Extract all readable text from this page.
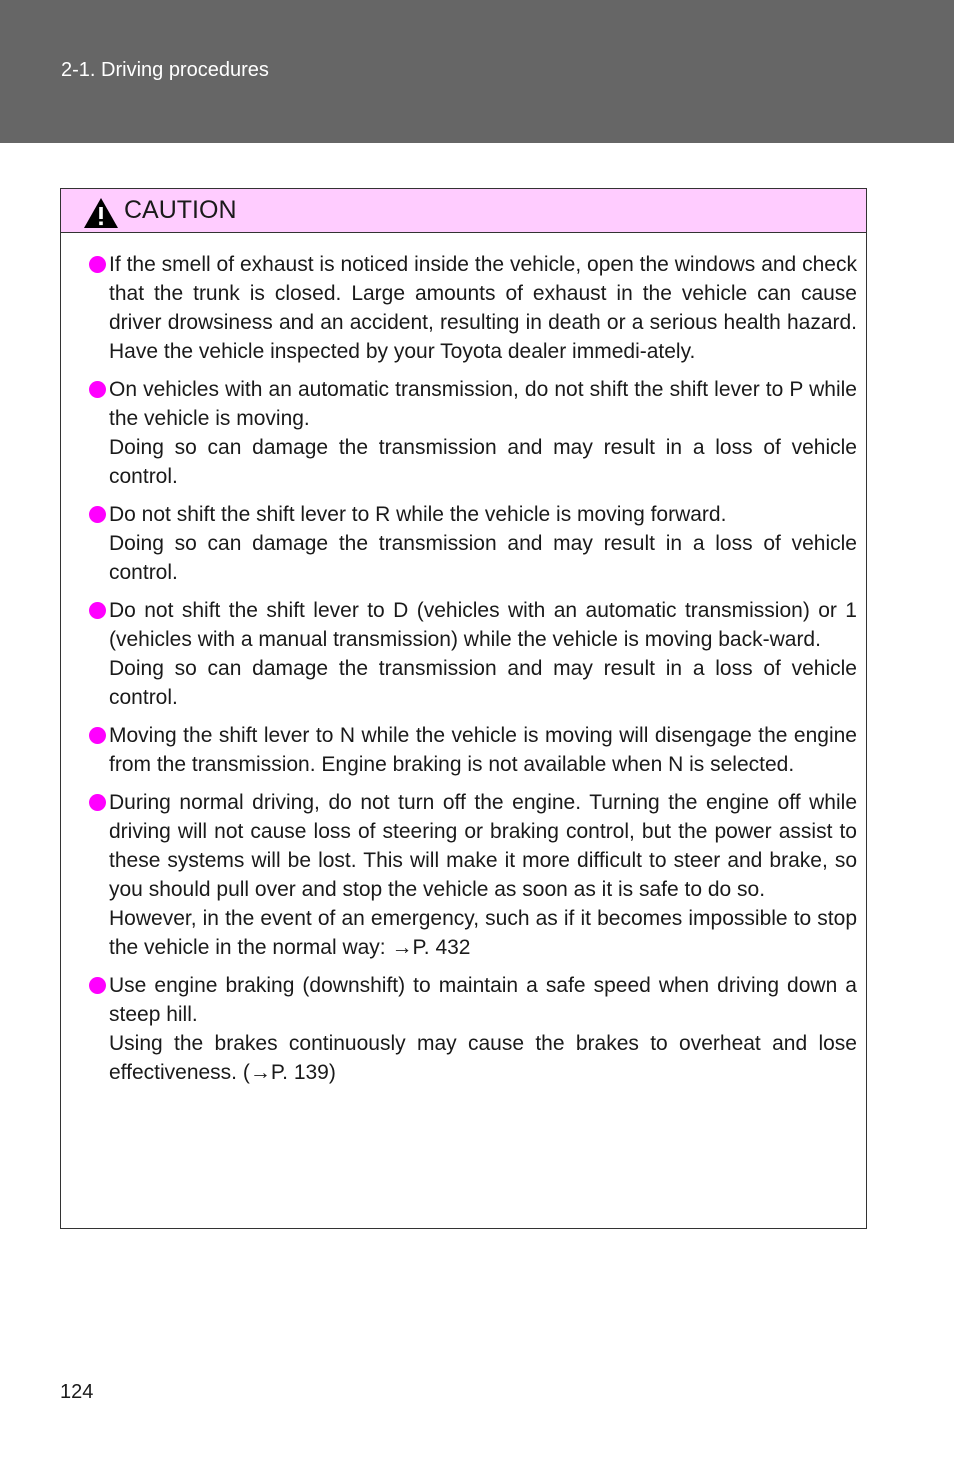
2-1. Driving procedures
CAUTION

If the smell of exhaust is noticed inside the vehicle, open the windows and check that the trunk is closed. Large amounts of exhaust in the vehicle can cause driver drowsiness and an accident, resulting in death or a serious health hazard. Have the vehicle inspected by your Toyota dealer immedi-ately.

On vehicles with an automatic transmission, do not shift the shift lever to P while the vehicle is moving.

Doing so can damage the transmission and may result in a loss of vehicle control.

Do not shift the shift lever to R while the vehicle is moving forward.

Doing so can damage the transmission and may result in a loss of vehicle control.

Do not shift the shift lever to D (vehicles with an automatic transmission) or 1 (vehicles with a manual transmission) while the vehicle is moving back-ward.

Doing so can damage the transmission and may result in a loss of vehicle control.

Moving the shift lever to N while the vehicle is moving will disengage the engine from the transmission. Engine braking is not available when N is selected.

During normal driving, do not turn off the engine. Turning the engine off while driving will not cause loss of steering or braking control, but the power assist to these systems will be lost. This will make it more difficult to steer and brake, so you should pull over and stop the vehicle as soon as it is safe to do so.

However, in the event of an emergency, such as if it becomes impossible to stop the vehicle in the normal way: →P. 432

Use engine braking (downshift) to maintain a safe speed when driving down a steep hill.

Using the brakes continuously may cause the brakes to overheat and lose effectiveness. (→P. 139)

124
